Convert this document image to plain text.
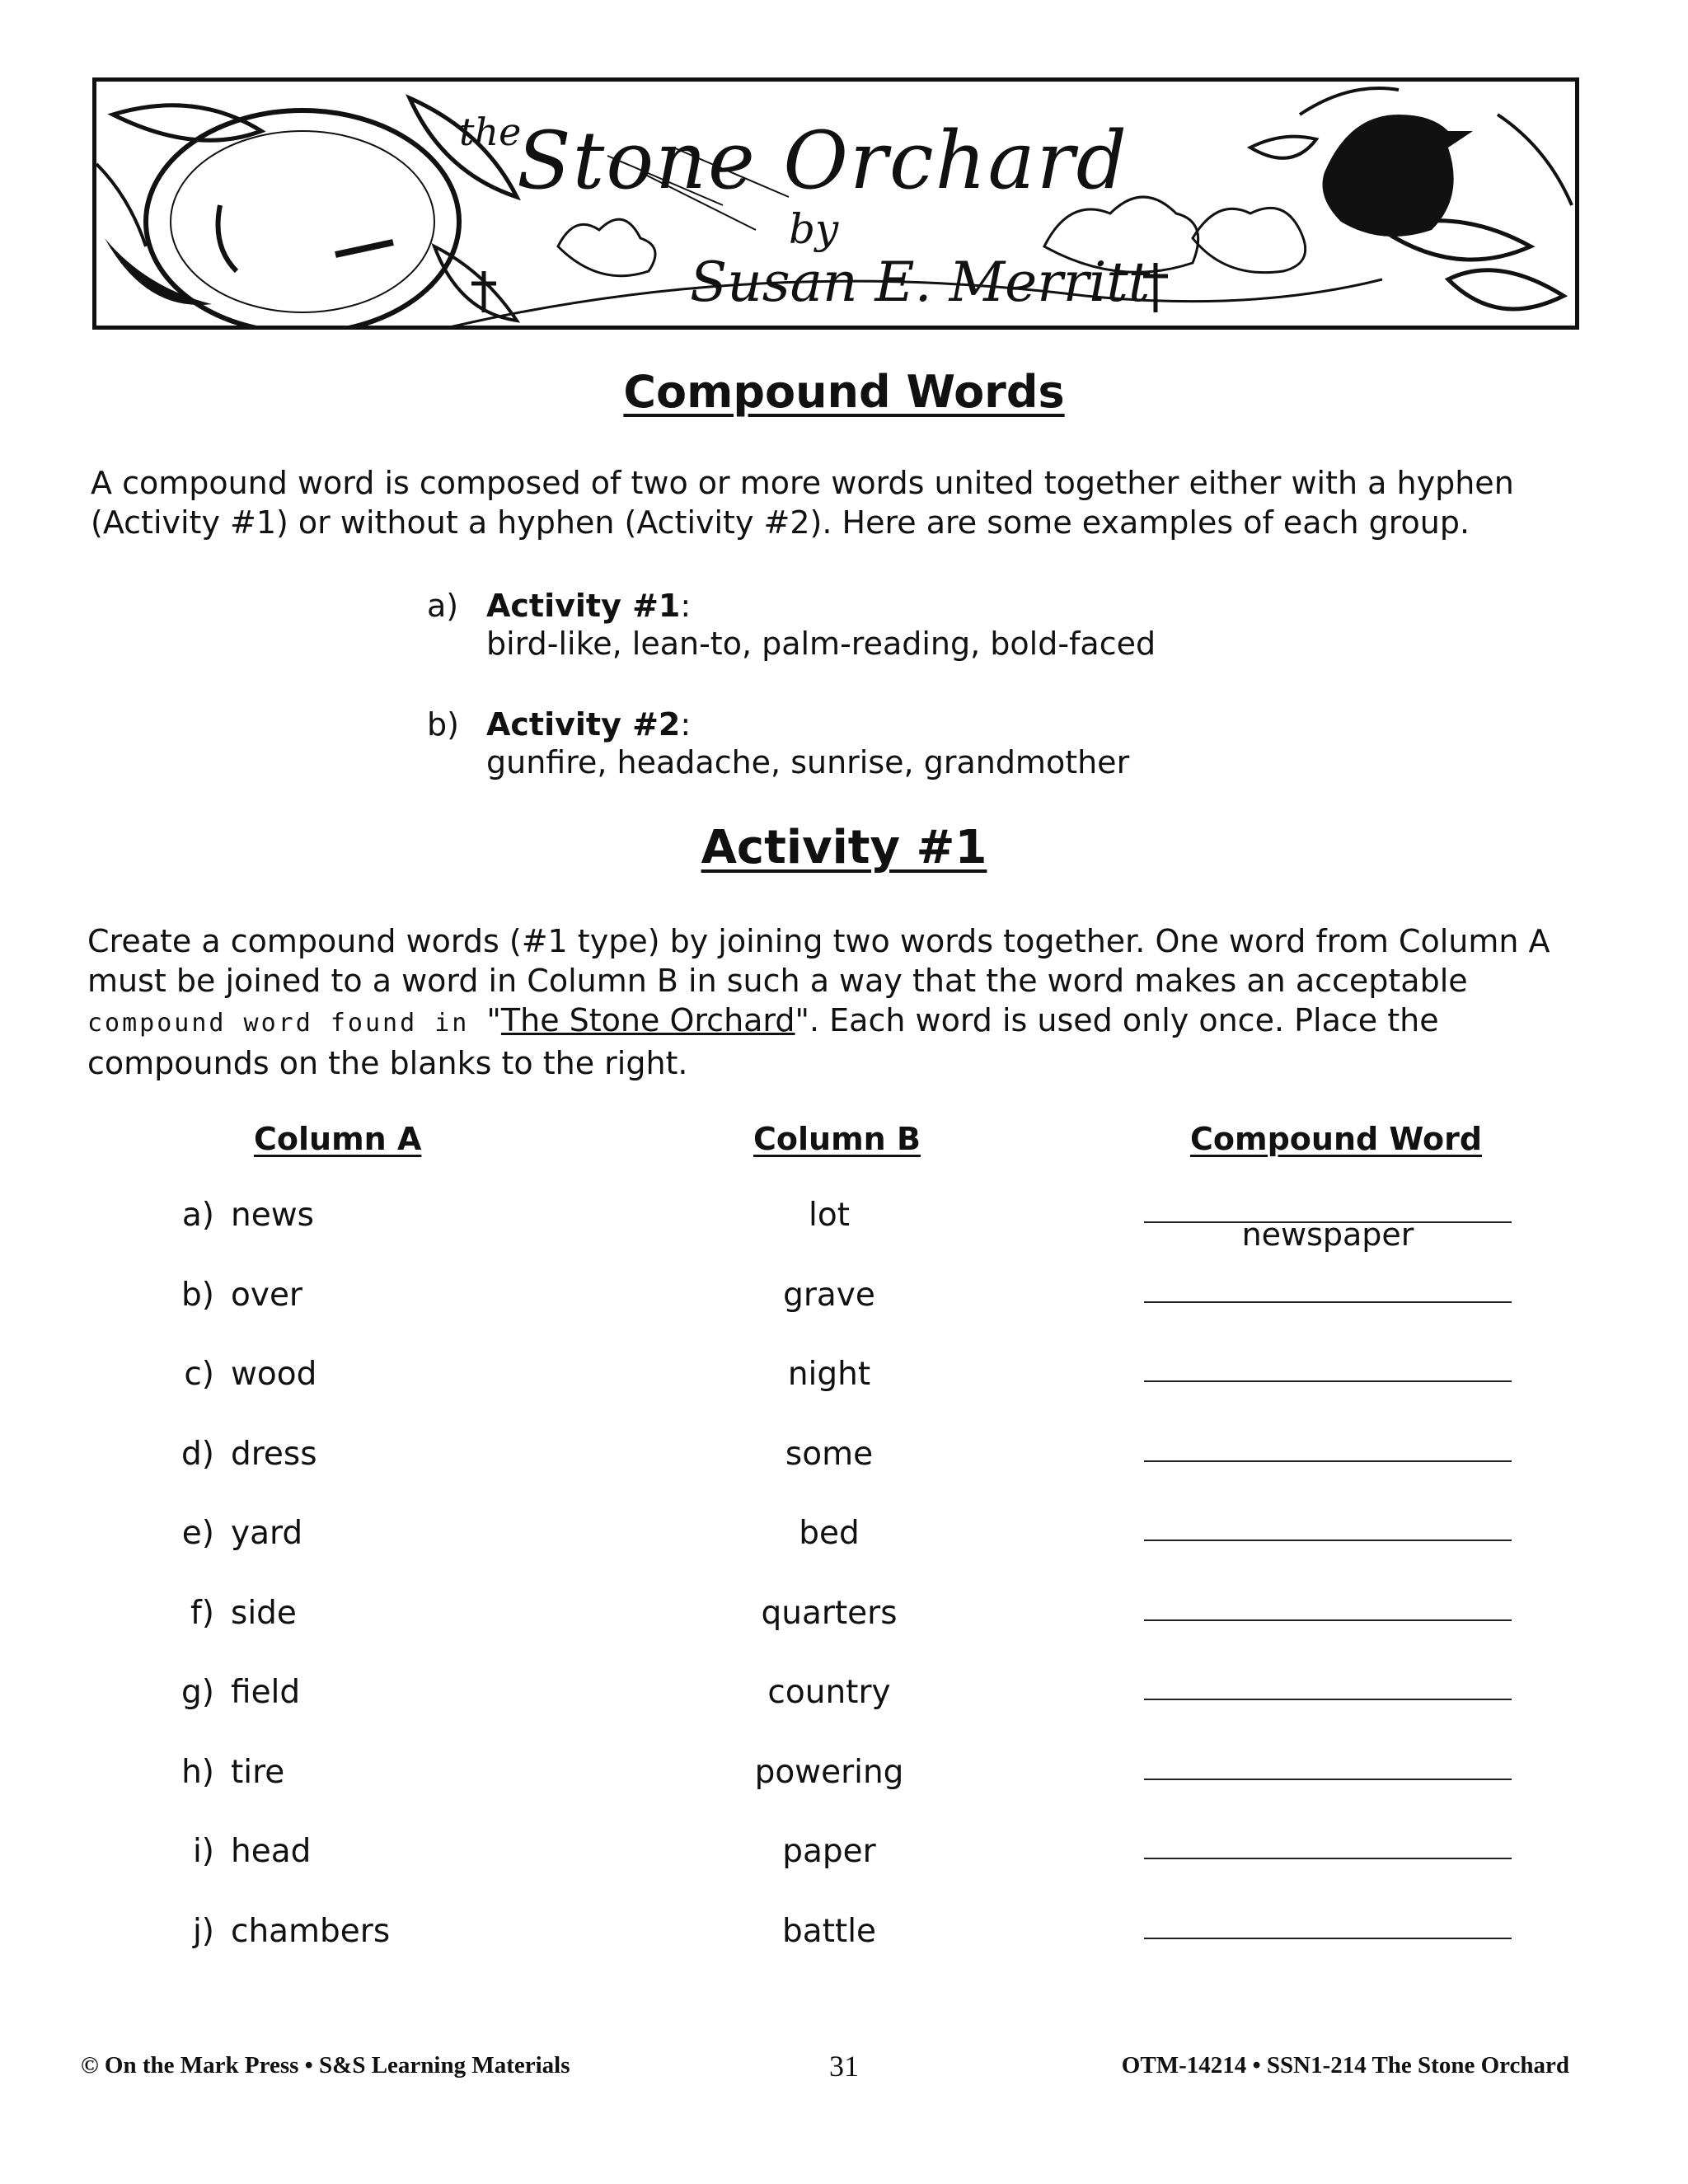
the
Stone Orchard
by
Susan E. Merritt
Compound Words
A compound word is composed of two or more words united together either with a hyphen
(Activity #1) or without a hyphen (Activity #2). Here are some examples of each group.
a) Activity #1:
bird-like, lean-to, palm-reading, bold-faced
b) Activity #2:
gunfire, headache, sunrise, grandmother
Activity #1
Create a compound words (#1 type) by joining two words together. One word from Column A
must be joined to a word in Column B in such a way that the word makes an acceptable
compound word found in "The Stone Orchard". Each word is used only once. Place the
compounds on the blanks to the right.
Column A	Column B	Compound Word
a) news	lot
newspaper
b) over	grave
c) wood	night
d) dress	some
e) yard	bed
f) side	quarters
g) field	country
h) tire	powering
i) head	paper
j) chambers	battle
© On the Mark Press • S&S Learning Materials	31	OTM-14214 • SSN1-214 The Stone Orchard
